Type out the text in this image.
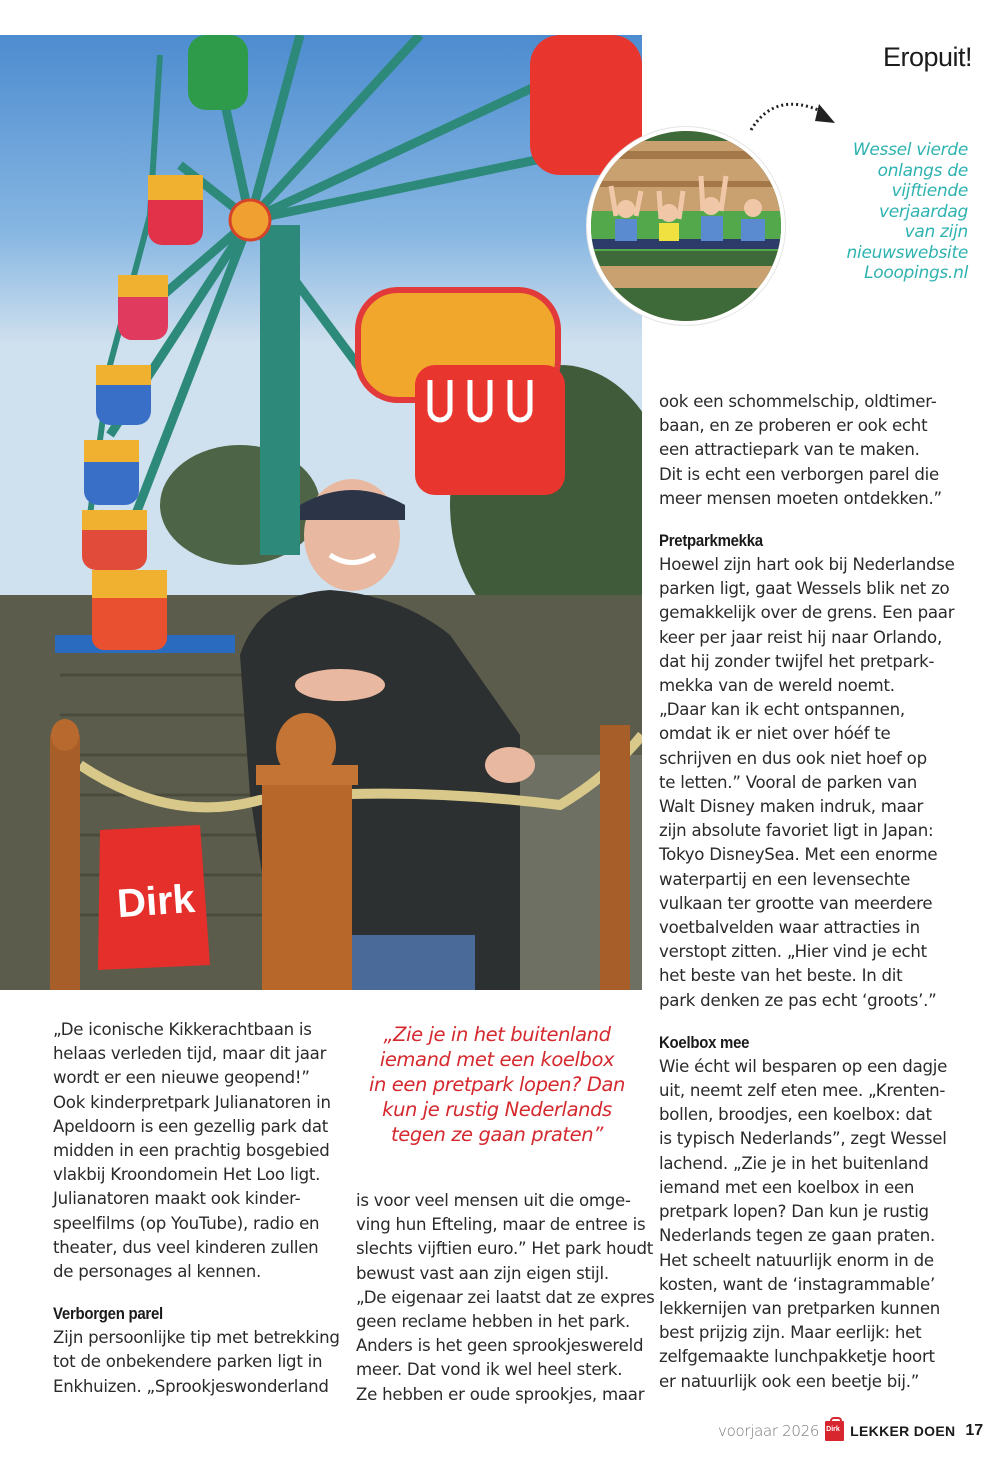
Eropuit!
Dirk
Wessel vierde
onlangs de
vijftiende
verjaardag
van zijn
nieuwswebsite
Looopings.nl

ook een schommelschip, oldtimer-

baan, en ze proberen er ook echt

een attractiepark van te maken.

Dit is echt een verborgen parel die

meer mensen moeten ontdekken.”

Pretparkmekka

Hoewel zijn hart ook bij Nederlandse

parken ligt, gaat Wessels blik net zo

gemakkelijk over de grens. Een paar

keer per jaar reist hij naar Orlando,

dat hij zonder twijfel het pretpark-

mekka van de wereld noemt.

„Daar kan ik echt ontspannen,

omdat ik er niet over hóéf te

schrijven en dus ook niet hoef op

te letten.” Vooral de parken van

Walt Disney maken indruk, maar

zijn absolute favoriet ligt in Japan:

Tokyo DisneySea. Met een enorme

waterpartij en een levensechte

vulkaan ter grootte van meerdere

voetbalvelden waar attracties in

verstopt zitten. „Hier vind je echt

het beste van het beste. In dit

park denken ze pas echt ‘groots’.”

Koelbox mee

Wie écht wil besparen op een dagje

uit, neemt zelf eten mee. „Krenten-

bollen, broodjes, een koelbox: dat

is typisch Nederlands”, zegt Wessel

lachend. „Zie je in het buitenland

iemand met een koelbox in een

pretpark lopen? Dan kun je rustig

Nederlands tegen ze gaan praten.

Het scheelt natuurlijk enorm in de

kosten, want de ‘instagrammable’

lekkernijen van pretparken kunnen

best prijzig zijn. Maar eerlijk: het

zelfgemaakte lunchpakketje hoort

er natuurlijk ook een beetje bij.”

„De iconische Kikkerachtbaan is

helaas verleden tijd, maar dit jaar

wordt er een nieuwe geopend!”

Ook kinderpretpark Julianatoren in

Apeldoorn is een gezellig park dat

midden in een prachtig bosgebied

vlakbij Kroondomein Het Loo ligt.

Julianatoren maakt ook kinder-

speelfilms (op YouTube), radio en

theater, dus veel kinderen zullen

de personages al kennen.

Verborgen parel

Zijn persoonlijke tip met betrekking

tot de onbekendere parken ligt in

Enkhuizen. „Sprookjeswonderland

„Zie je in het buitenland
iemand met een koelbox
in een pretpark lopen? Dan
kun je rustig Nederlands
tegen ze gaan praten”

is voor veel mensen uit die omge-

ving hun Efteling, maar de entree is

slechts vijftien euro.” Het park houdt

bewust vast aan zijn eigen stijl.

„De eigenaar zei laatst dat ze expres

geen reclame hebben in het park.

Anders is het geen sprookjeswereld

meer. Dat vond ik wel heel sterk.

Ze hebben er oude sprookjes, maar

voorjaar 2026 Dirk LEKKER DOEN 17
